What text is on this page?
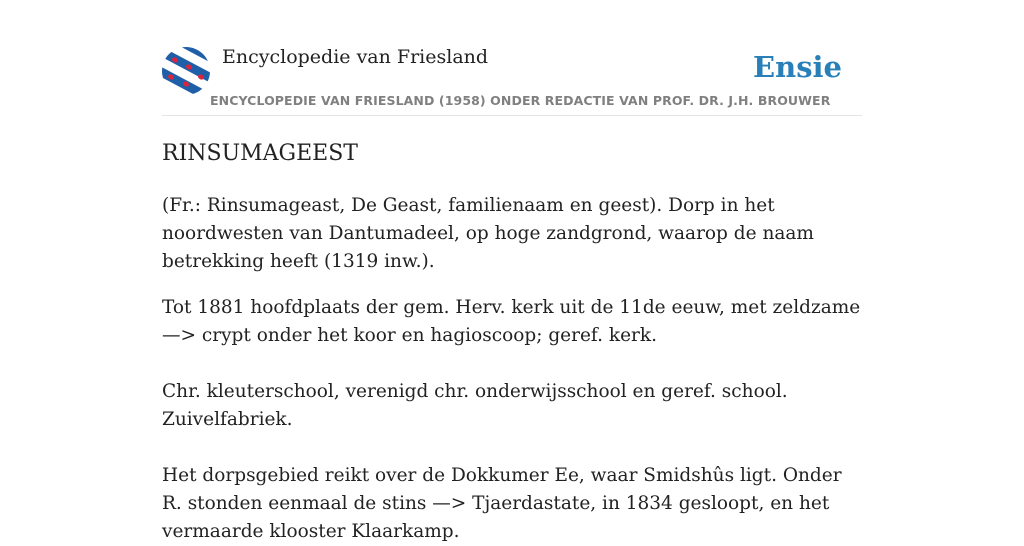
Encyclopedie van Friesland	Ensie
ENCYCLOPEDIE VAN FRIESLAND (1958) ONDER REDACTIE VAN PROF. DR. J.H. BROUWER
RINSUMAGEEST

(Fr.: Rinsumageast, De Geast, familienaam en geest). Dorp in het noordwesten van Dantumadeel, op hoge zandgrond, waarop de naam betrekking heeft (1319 inw.).

Tot 1881 hoofdplaats der gem. Herv. kerk uit de 11de eeuw, met zeldzame —> crypt onder het koor en hagioscoop; geref. kerk.

Chr. kleuterschool, verenigd chr. onderwijsschool en geref. school. Zuivelfabriek.

Het dorpsgebied reikt over de Dokkumer Ee, waar Smidshûs ligt. Onder R. stonden eenmaal de stins —> Tjaerdastate, in 1834 gesloopt, en het vermaarde klooster Klaarkamp.
